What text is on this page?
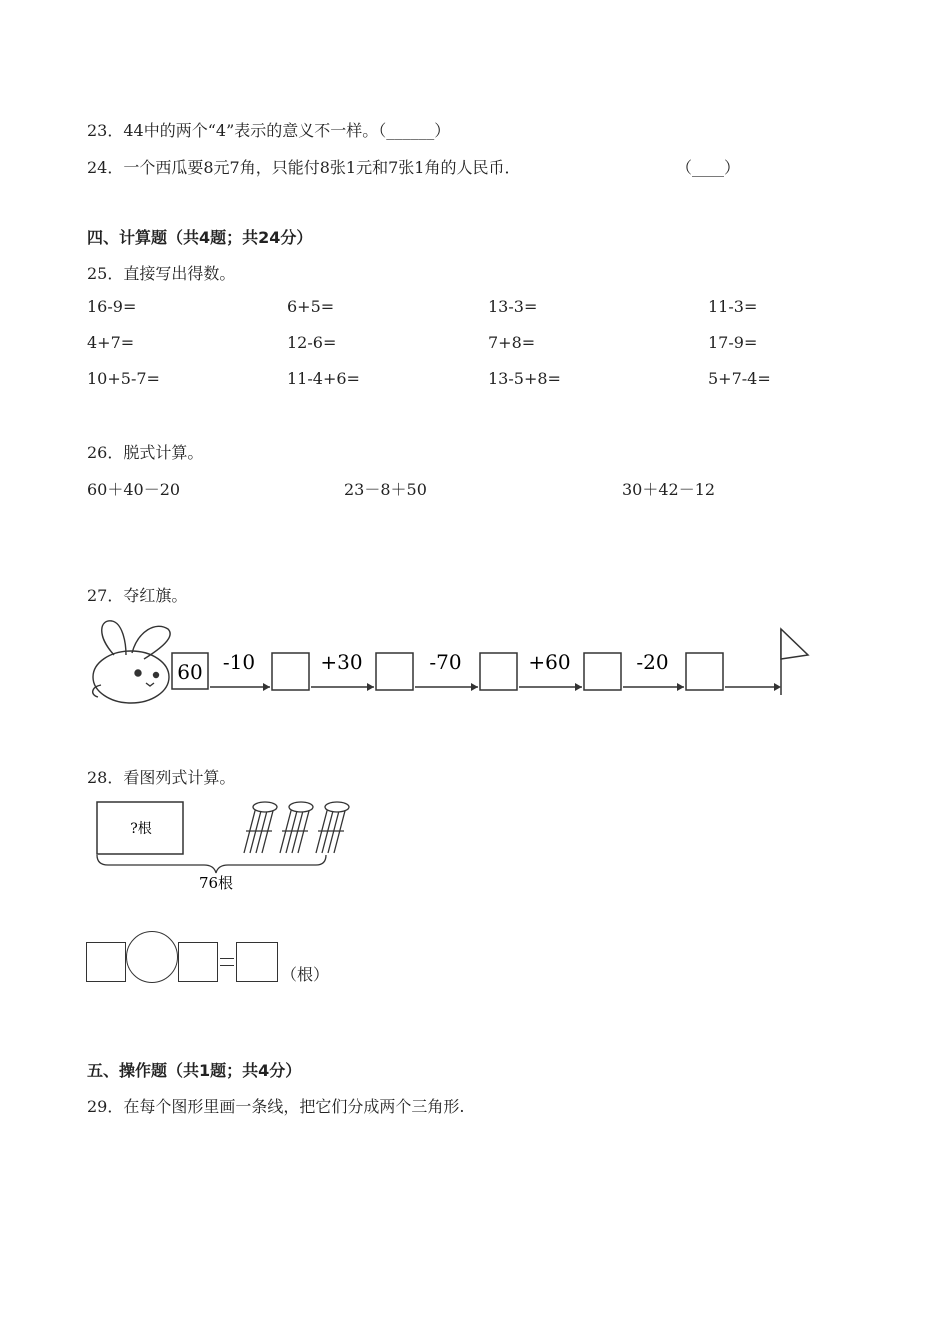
23．44中的两个“4”表示的意义不一样。（______）
24．一个西瓜要8元7角，只能付8张1元和7张1角的人民币．	（____）
四、计算题（共4题；共24分）
25．直接写出得数。
16-9=	6+5=	13-3=	11-3=
4+7=	12-6=	7+8=	17-9=
10+5-7=	11-4+6=	13-5+8=	5+7-4=
26．脱式计算。
60＋40－20	23－8＋50	30＋42－12
27．夺红旗。
60 -10	+30	-70	+60	-20
28．看图列式计算。
?根
76根
（根）
五、操作题（共1题；共4分）
29．在每个图形里画一条线，把它们分成两个三角形.
